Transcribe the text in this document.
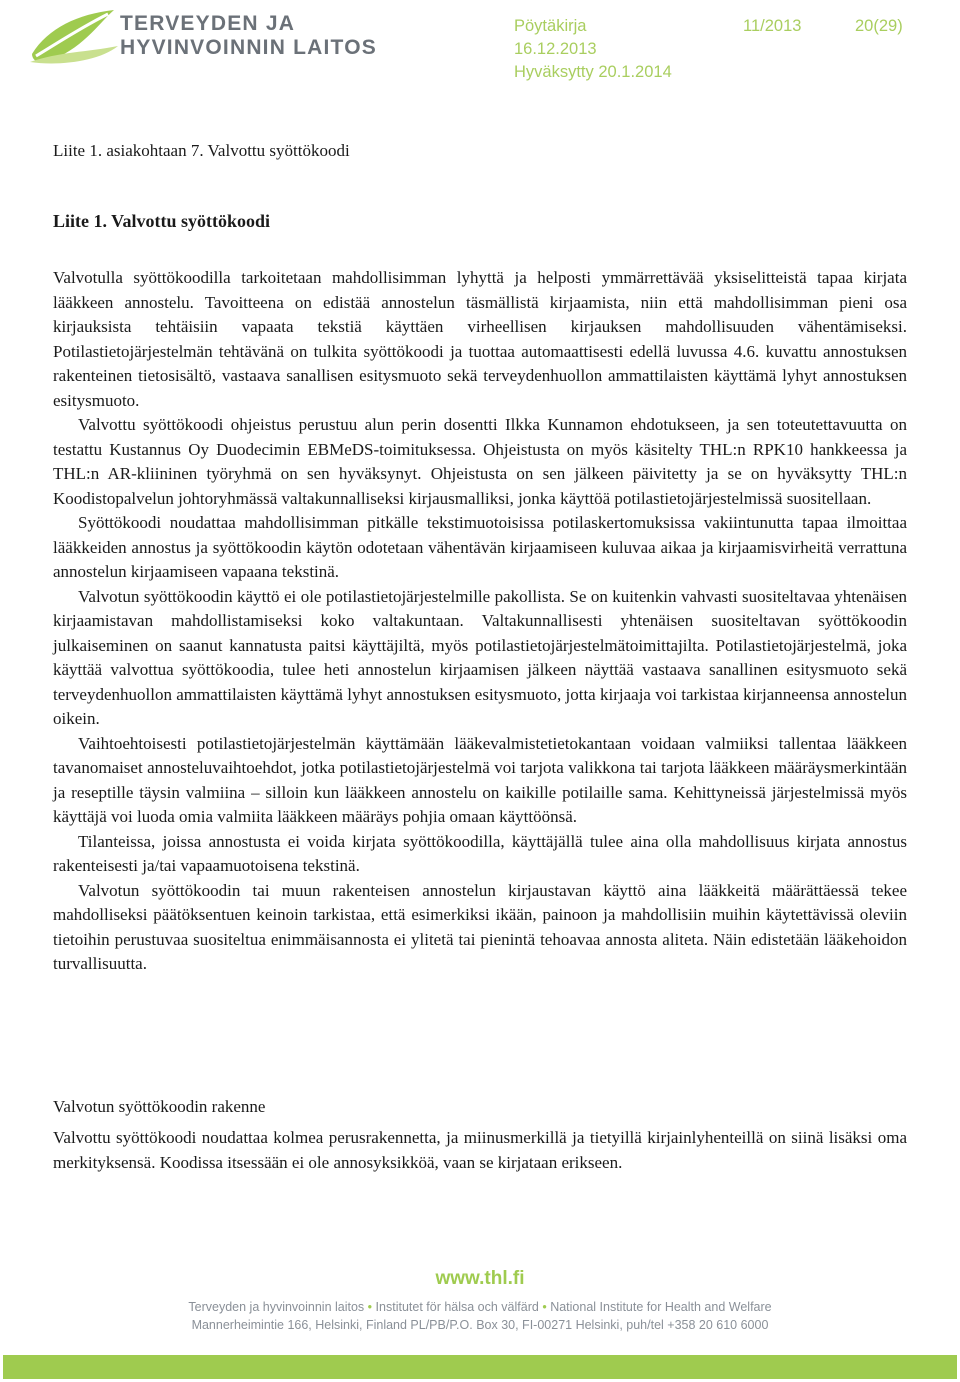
TERVEYDEN JA
HYVINVOINNIN LAITOS
Pöytäkirja
16.12.2013
Hyväksytty 20.1.2014
11/2013	20(29)
Liite 1. asiakohtaan 7. Valvottu syöttökoodi
Liite 1. Valvottu syöttökoodi

Valvotulla syöttökoodilla tarkoitetaan mahdollisimman lyhyttä ja helposti ymmärrettävää yksiselitteistä tapaa kirjata lääkkeen annostelu. Tavoitteena on edistää annostelun täsmällistä kirjaamista, niin että mahdollisimman pieni osa kirjauksista tehtäisiin vapaata tekstiä käyttäen virheellisen kirjauksen mahdollisuuden vähentämiseksi. Potilastietojärjestelmän tehtävänä on tulkita syöttökoodi ja tuottaa automaattisesti edellä luvussa 4.6. kuvattu annostuksen rakenteinen tietosisältö, vastaava sanallisen esitysmuoto sekä terveydenhuollon ammattilaisten käyttämä lyhyt annostuksen esitysmuoto.

Valvottu syöttökoodi ohjeistus perustuu alun perin dosentti Ilkka Kunnamon ehdotukseen, ja sen toteutettavuutta on testattu Kustannus Oy Duodecimin EBMeDS-toimituksessa. Ohjeistusta on myös käsitelty THL:n RPK10 hankkeessa ja THL:n AR-kliininen työryhmä on sen hyväksynyt. Ohjeistusta on sen jälkeen päivitetty ja se on hyväksytty THL:n Koodistopalvelun johtoryhmässä valtakunnalliseksi kirjausmalliksi, jonka käyttöä potilastietojärjestelmissä suositellaan.

Syöttökoodi noudattaa mahdollisimman pitkälle tekstimuotoisissa potilaskertomuksissa vakiintunutta tapaa ilmoittaa lääkkeiden annostus ja syöttökoodin käytön odotetaan vähentävän kirjaamiseen kuluvaa aikaa ja kirjaamisvirheitä verrattuna annostelun kirjaamiseen vapaana tekstinä.

Valvotun syöttökoodin käyttö ei ole potilastietojärjestelmille pakollista. Se on kuitenkin vahvasti suositeltavaa yhtenäisen kirjaamistavan mahdollistamiseksi koko valtakuntaan. Valtakunnallisesti yhtenäisen suositeltavan syöttökoodin julkaiseminen on saanut kannatusta paitsi käyttäjiltä, myös potilastietojärjestelmätoimittajilta. Potilastietojärjestelmä, joka käyttää valvottua syöttökoodia, tulee heti annostelun kirjaamisen jälkeen näyttää vastaava sanallinen esitysmuoto sekä terveydenhuollon ammattilaisten käyttämä lyhyt annostuksen esitysmuoto, jotta kirjaaja voi tarkistaa kirjanneensa annostelun oikein.

Vaihtoehtoisesti potilastietojärjestelmän käyttämään lääkevalmistetietokantaan voidaan valmiiksi tallentaa lääkkeen tavanomaiset annosteluvaihtoehdot, jotka potilastietojärjestelmä voi tarjota valikkona tai tarjota lääkkeen määräysmerkintään ja reseptille täysin valmiina – silloin kun lääkkeen annostelu on kaikille potilaille sama. Kehittyneissä järjestelmissä myös käyttäjä voi luoda omia valmiita lääkkeen määräys pohjia omaan käyttöönsä.

Tilanteissa, joissa annostusta ei voida kirjata syöttökoodilla, käyttäjällä tulee aina olla mahdollisuus kirjata annostus rakenteisesti ja/tai vapaamuotoisena tekstinä.

Valvotun syöttökoodin tai muun rakenteisen annostelun kirjaustavan käyttö aina lääkkeitä määrättäessä tekee mahdolliseksi päätöksentuen keinoin tarkistaa, että esimerkiksi ikään, painoon ja mahdollisiin muihin käytettävissä oleviin tietoihin perustuvaa suositeltua enimmäisannosta ei ylitetä tai pienintä tehoavaa annosta aliteta. Näin edistetään lääkehoidon turvallisuutta.

Valvotun syöttökoodin rakenne

Valvottu syöttökoodi noudattaa kolmea perusrakennetta, ja miinusmerkillä ja tietyillä kirjainlyhenteillä on siinä lisäksi oma merkityksensä. Koodissa itsessään ei ole annosyksikköä, vaan se kirjataan erikseen.

www.thl.fi
Terveyden ja hyvinvoinnin laitos • Institutet för hälsa och välfärd • National Institute for Health and Welfare
Mannerheimintie 166, Helsinki, Finland PL/PB/P.O. Box 30, FI-00271 Helsinki, puh/tel +358 20 610 6000
